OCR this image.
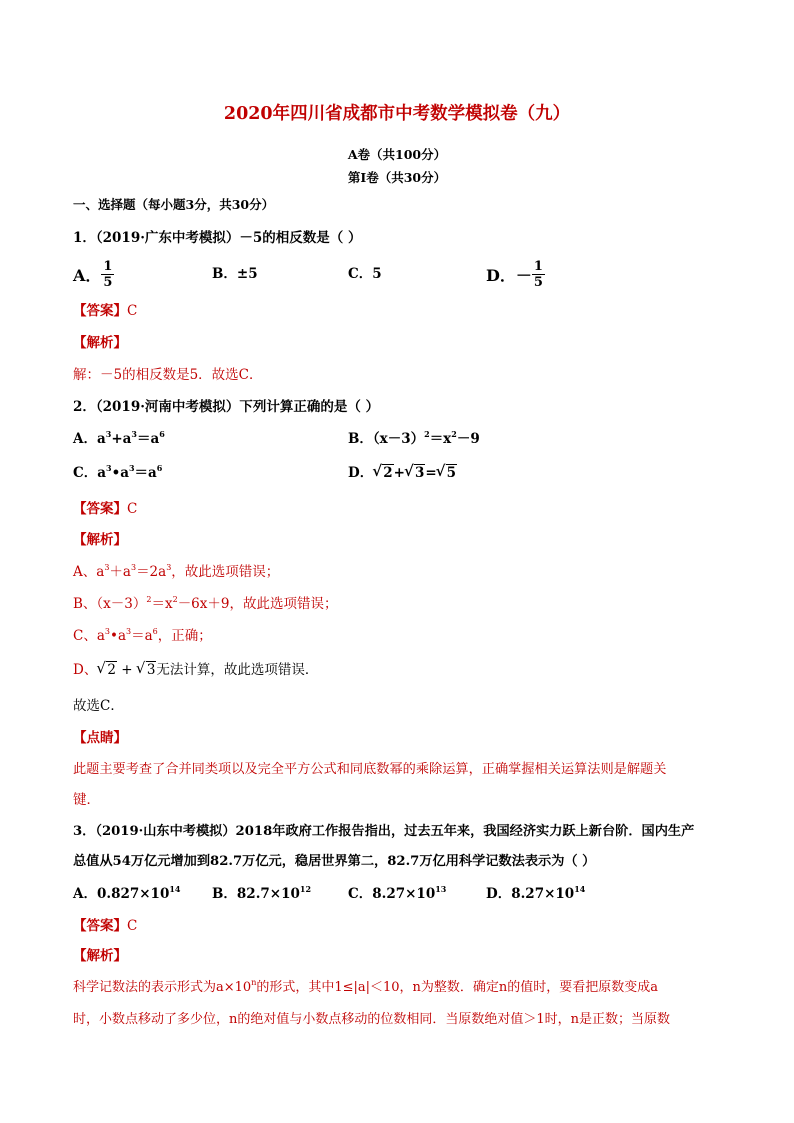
2020年四川省成都市中考数学模拟卷（九）
A卷（共100分）
第Ⅰ卷（共30分）
一、选择题（每小题3分，共30分）
1．（2019·广东中考模拟）－5的相反数是（ ）
A． $\frac{1}{5}$	B．±5	C．5	D．－ $\frac{1}{5}$
【答案】C
【解析】
解：－5的相反数是5．故选C．
2．（2019·河南中考模拟）下列计算正确的是（ ）
A．$a^3+a^3=a^6$	B．$(x-3)^2=x^2-9$
C．$a^3•a^3=a^6$	D． √ 2+ √ 3= √ 5
【答案】C
【解析】
A、$a^3+a^3=2a^3$，故此选项错误；
B、$(x-3)^2=x^2-6x+9$，故此选项错误；
C、$a^3•a^3=a^6$，正确；
D、 √ 2 + √ 3无法计算，故此选项错误．
故选C．
【点睛】
此题主要考查了合并同类项以及完全平方公式和同底数幂的乘除运算，正确掌握相关运算法则是解题关
键．
3．（2019·山东中考模拟）2018年政府工作报告指出，过去五年来，我国经济实力跃上新台阶．国内生产
总值从54万亿元增加到82.7万亿元，稳居世界第二，82.7万亿用科学记数法表示为（ ）
A．$0.827\times 10^{14}$ B．$82.7\times 10^{12}$	C．$8.27\times 10^{13}$	D．$8.27\times 10^{14}$
【答案】C
【解析】
科学记数法的表示形式为$a\times 10^n$的形式，其中1≤|a|＜10，n为整数．确定n的值时，要看把原数变成a
时，小数点移动了多少位，n的绝对值与小数点移动的位数相同．当原数绝对值＞1时，n是正数；当原数
